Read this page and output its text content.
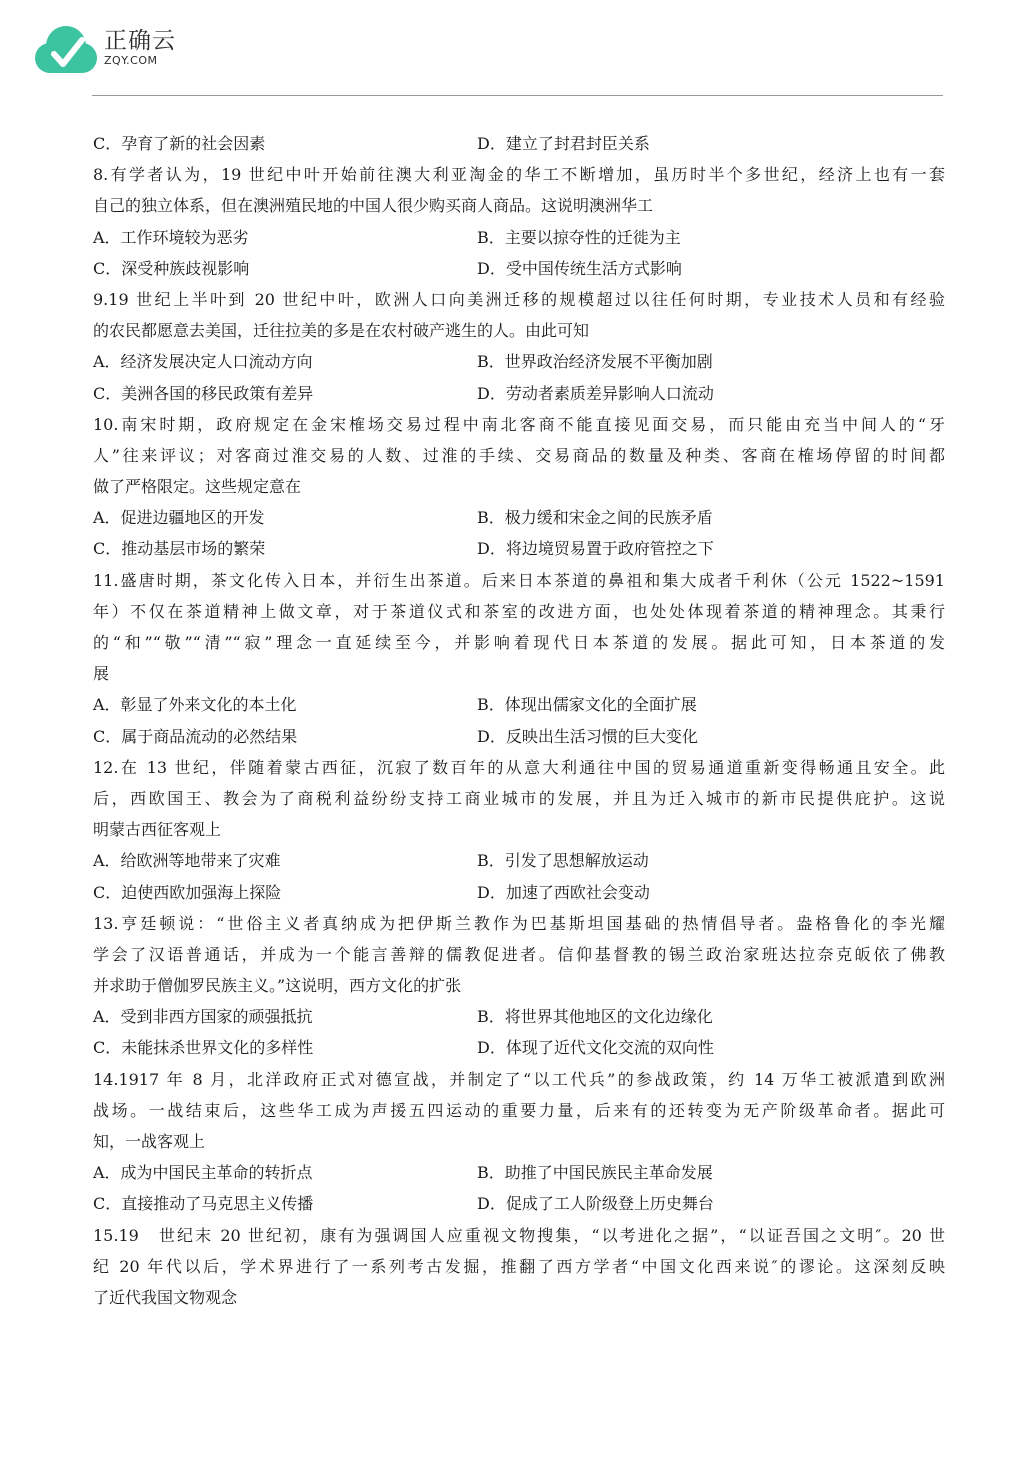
正确云
ZQY.COM
C．孕育了新的社会因素	D．建立了封君封臣关系
8.有学者认为，19 世纪中叶开始前往澳大利亚淘金的华工不断增加，虽历时半个多世纪，经济上也有一套
自己的独立体系，但在澳洲殖民地的中国人很少购买商人商品。这说明澳洲华工
A．工作环境较为恶劣	B．主要以掠夺性的迁徙为主
C．深受种族歧视影响	D．受中国传统生活方式影响
9.19 世纪上半叶到 20 世纪中叶，欧洲人口向美洲迁移的规模超过以往任何时期，专业技术人员和有经验
的农民都愿意去美国，迁往拉美的多是在农村破产逃生的人。由此可知
A．经济发展决定人口流动方向	B．世界政治经济发展不平衡加剧
C．美洲各国的移民政策有差异	D．劳动者素质差异影响人口流动
10.南宋时期，政府规定在金宋榷场交易过程中南北客商不能直接见面交易，而只能由充当中间人的“牙
人”往来评议；对客商过淮交易的人数、过淮的手续、交易商品的数量及种类、客商在榷场停留的时间都
做了严格限定。这些规定意在
A．促进边疆地区的开发	B．极力缓和宋金之间的民族矛盾
C．推动基层市场的繁荣	D．将边境贸易置于政府管控之下
11.盛唐时期，茶文化传入日本，并衍生出茶道。后来日本茶道的鼻祖和集大成者千利休（公元 1522~1591
年）不仅在茶道精神上做文章，对于茶道仪式和茶室的改进方面，也处处体现着茶道的精神理念。其秉行
的“和”“敬”“清”“寂”理念一直延续至今，并影响着现代日本茶道的发展。据此可知，日本茶道的发
展
A．彰显了外来文化的本土化	B．体现出儒家文化的全面扩展
C．属于商品流动的必然结果	D．反映出生活习惯的巨大变化
12.在 13 世纪，伴随着蒙古西征，沉寂了数百年的从意大利通往中国的贸易通道重新变得畅通且安全。此
后，西欧国王、教会为了商税利益纷纷支持工商业城市的发展，并且为迁入城市的新市民提供庇护。这说
明蒙古西征客观上
A．给欧洲等地带来了灾难	B．引发了思想解放运动
C．迫使西欧加强海上探险	D．加速了西欧社会变动
13.亨廷顿说：“世俗主义者真纳成为把伊斯兰教作为巴基斯坦国基础的热情倡导者。盎格鲁化的李光耀
学会了汉语普通话，并成为一个能言善辩的儒教促进者。信仰基督教的锡兰政治家班达拉奈克皈依了佛教
并求助于僧伽罗民族主义。”这说明，西方文化的扩张
A．受到非西方国家的顽强抵抗	B．将世界其他地区的文化边缘化
C．未能抹杀世界文化的多样性	D．体现了近代文化交流的双向性
14.1917 年 8 月，北洋政府正式对德宣战，并制定了“以工代兵”的参战政策，约 14 万华工被派遣到欧洲
战场。一战结束后，这些华工成为声援五四运动的重要力量，后来有的还转变为无产阶级革命者。据此可
知，一战客观上
A．成为中国民主革命的转折点	B．助推了中国民族民主革命发展
C．直接推动了马克思主义传播	D．促成了工人阶级登上历史舞台
15.19　世纪末 20 世纪初，康有为强调国人应重视文物搜集，“以考进化之据”，“以证吾国之文明″。20 世
纪 20 年代以后，学术界进行了一系列考古发掘，推翻了西方学者“中国文化西来说″的谬论。这深刻反映
了近代我国文物观念
